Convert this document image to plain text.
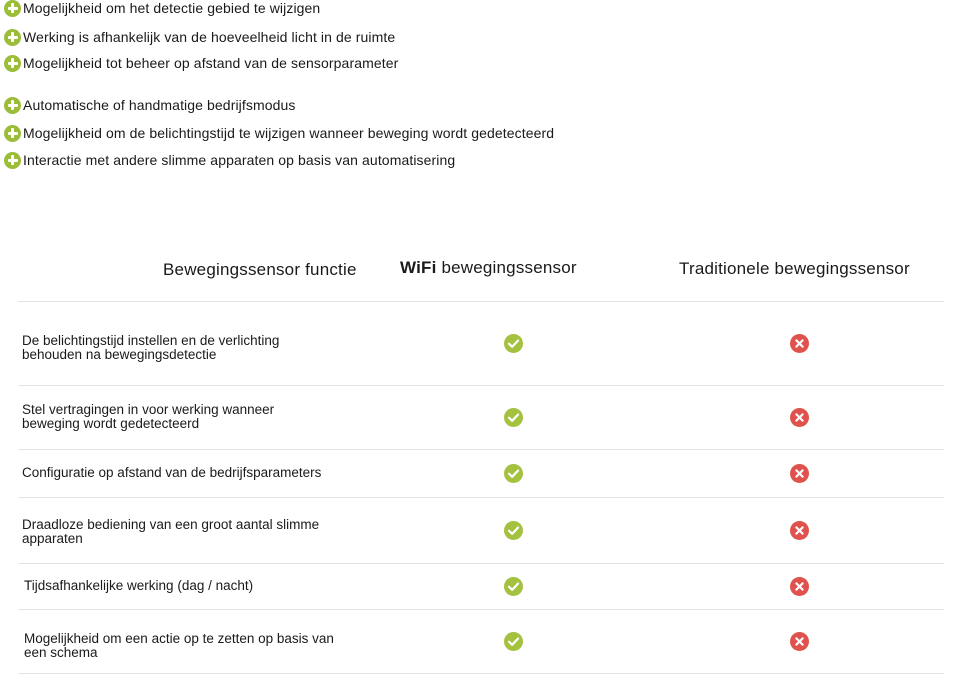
Mogelijkheid om het detectie gebied te wijzigen
Werking is afhankelijk van de hoeveelheid licht in de ruimte
Mogelijkheid tot beheer op afstand van de sensorparameter
Automatische of handmatige bedrijfsmodus
Mogelijkheid om de belichtingstijd te wijzigen wanneer beweging wordt gedetecteerd
Interactie met andere slimme apparaten op basis van automatisering
Bewegingssensor functie	WiFi bewegingssensor	Traditionele bewegingssensor
De belichtingstijd instellen en de verlichting
behouden na bewegingsdetectie
Stel vertragingen in voor werking wanneer
beweging wordt gedetecteerd
Configuratie op afstand van de bedrijfsparameters
Draadloze bediening van een groot aantal slimme
apparaten
Tijdsafhankelijke werking (dag / nacht)
Mogelijkheid om een actie op te zetten op basis van
een schema
